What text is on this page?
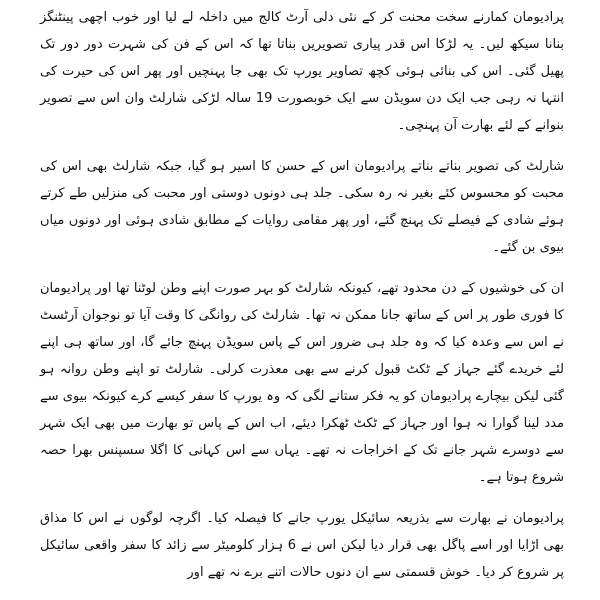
پرادیومان کمارنے سخت محنت کر کے نئی دلی آرٹ کالج میں داخلہ لے لیا اور خوب اچھی پینٹنگز بنانا سیکھ لیں۔ یہ لڑکا اس قدر پیاری تصویریں بناتا تھا کہ اس کے فن کی شہرت دور دور تک پھیل گئی۔ اس کی بنائی ہوئی کچھ تصاویر یورپ تک بھی جا پہنچیں اور پھر اس کی حیرت کی انتہا نہ رہی جب ایک دن سویڈن سے ایک خوبصورت 19 سالہ لڑکی شارلٹ وان اس سے تصویر بنوانے کے لئے بھارت آن پہنچی۔

شارلٹ کی تصویر بناتے بناتے پرادیومان اس کے حسن کا اسیر ہو گیا، جبکہ شارلٹ بھی اس کی محبت کو محسوس کئے بغیر نہ رہ سکی۔ جلد ہی دونوں دوستی اور محبت کی منزلیں طے کرتے ہوئے شادی کے فیصلے تک پہنچ گئے، اور پھر مقامی روایات کے مطابق شادی ہوئی اور دونوں میاں بیوی بن گئے۔

ان کی خوشیوں کے دن محدود تھے، کیونکہ شارلٹ کو بہر صورت اپنے وطن لوٹنا تھا اور پرادیومان کا فوری طور پر اس کے ساتھ جانا ممکن نہ تھا۔ شارلٹ کی روانگی کا وقت آیا تو نوجوان آرٹسٹ نے اس سے وعدہ کیا کہ وہ جلد ہی ضرور اس کے پاس سویڈن پہنچ جائے گا، اور ساتھ ہی اپنے لئے خریدے گئے جہاز کے ٹکٹ قبول کرنے سے بھی معذرت کرلی۔ شارلٹ تو اپنے وطن روانہ ہو گئی لیکن بیچارے پرادیومان کو یہ فکر ستانے لگی کہ وہ یورپ کا سفر کیسے کرے کیونکہ بیوی سے مدد لینا گوارا نہ ہوا اور جہاز کے ٹکٹ ٹھکرا دیئے، اب اس کے پاس تو بھارت میں بھی ایک شہر سے دوسرے شہر جانے تک کے اخراجات نہ تھے۔ یہاں سے اس کہانی کا اگلا سسپنس بھرا حصہ شروع ہوتا ہے۔

پرادیومان نے بھارت سے بذریعہ سائیکل یورپ جانے کا فیصلہ کیا۔ اگرچہ لوگوں نے اس کا مذاق بھی اڑایا اور اسے پاگل بھی قرار دیا لیکن اس نے 6 ہزار کلومیٹر سے زائد کا سفر واقعی سائیکل پر شروع کر دیا۔ خوش قسمتی سے ان دنوں حالات اتنے برے نہ تھے اور
